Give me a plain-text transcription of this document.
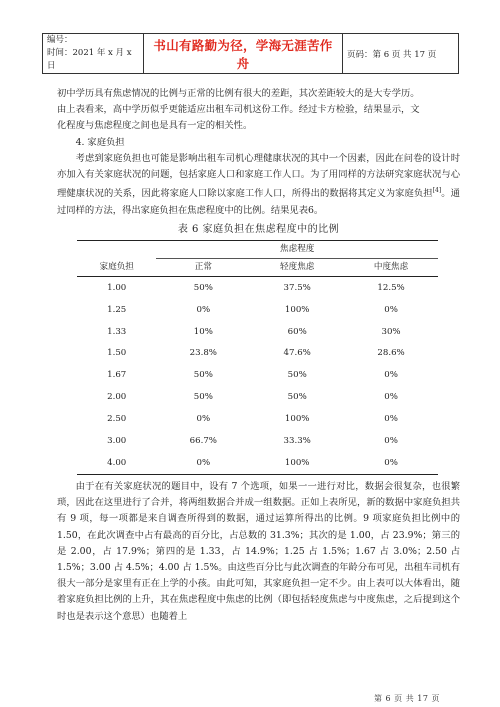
编号：
时间：2021 年 x 月 x 日
	书山有路勤为径，学海无涯苦作舟	页码：第 6 页 共 17 页

初中学历具有焦虑情况的比例与正常的比例有很大的差距，其次差距较大的是大专学历。

由上表看来，高中学历似乎更能适应出租车司机这份工作。经过卡方检验，结果显示，文

化程度与焦虑程度之间也是具有一定的相关性。

4. 家庭负担

考虑到家庭负担也可能是影响出租车司机心理健康状况的其中一个因素，因此在问卷的设计时亦加入有关家庭状况的问题，包括家庭人口和家庭工作人口。为了用同样的方法研究家庭状况与心理健康状况的关系，因此将家庭人口除以家庭工作人口，所得出的数据将其定义为家庭负担[4]。通过同样的方法，得出家庭负担在焦虑程度中的比例。结果见表6。

表 6 家庭负担在焦虑程度中的比例
	焦虑程度		
家庭负担	正常	轻度焦虑	中度焦虑
1.00	50%	37.5%	12.5%
1.25	0%	100%	0%
1.33	10%	60%	30%
1.50	23.8%	47.6%	28.6%
1.67	50%	50%	0%
2.00	50%	50%	0%
2.50	0%	100%	0%
3.00	66.7%	33.3%	0%
4.00	0%	100%	0%

由于在有关家庭状况的题目中，设有 7 个选项，如果一一进行对比，数据会很复杂，也很繁琐，因此在这里进行了合并，将两组数据合并成一组数据。正如上表所见，新的数据中家庭负担共有 9 项，每一项都是来自调查所得到的数据，通过运算所得出的比例。9 项家庭负担比例中的 1.50，在此次调查中占有最高的百分比，占总数的 31.3%；其次的是 1.00，占 23.9%；第三的是 2.00，占 17.9%；第四的是 1.33，占 14.9%；1.25 占 1.5%；1.67 占 3.0%；2.50 占 1.5%；3.00 占 4.5%；4.00 占 1.5%。由这些百分比与此次调查的年龄分布可见，出租车司机有很大一部分是家里有正在上学的小孩。由此可知，其家庭负担一定不少。由上表可以大体看出，随着家庭负担比例的上升，其在焦虑程度中焦虑的比例（即包括轻度焦虑与中度焦虑，之后提到这个时也是表示这个意思）也随着上

第 6 页 共 17 页
